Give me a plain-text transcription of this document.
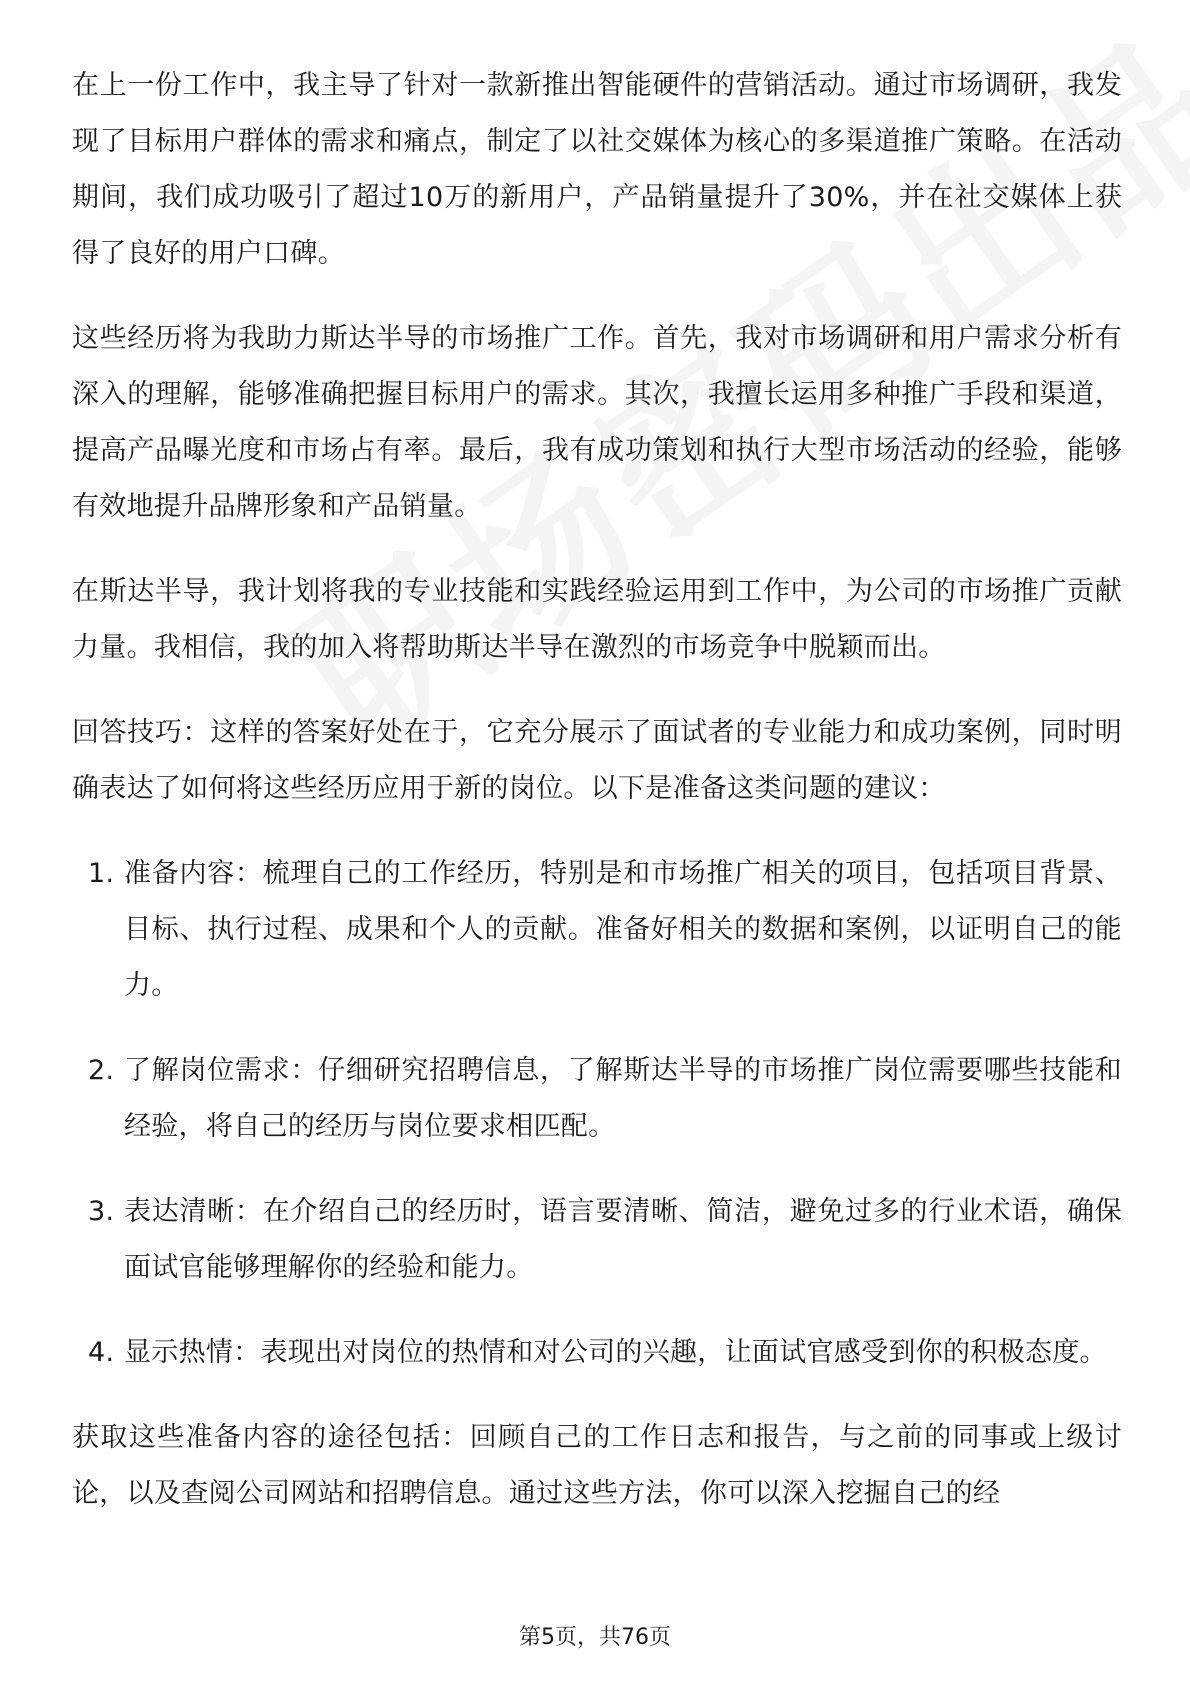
在上一份工作中，我主导了针对一款新推出智能硬件的营销活动。通过市场调研，我发现了目标用户群体的需求和痛点，制定了以社交媒体为核心的多渠道推广策略。在活动期间，我们成功吸引了超过10万的新用户，产品销量提升了30%，并在社交媒体上获得了良好的用户口碑。

这些经历将为我助力斯达半导的市场推广工作。首先，我对市场调研和用户需求分析有深入的理解，能够准确把握目标用户的需求。其次，我擅长运用多种推广手段和渠道，提高产品曝光度和市场占有率。最后，我有成功策划和执行大型市场活动的经验，能够有效地提升品牌形象和产品销量。

在斯达半导，我计划将我的专业技能和实践经验运用到工作中，为公司的市场推广贡献力量。我相信，我的加入将帮助斯达半导在激烈的市场竞争中脱颖而出。

回答技巧：这样的答案好处在于，它充分展示了面试者的专业能力和成功案例，同时明确表达了如何将这些经历应用于新的岗位。以下是准备这类问题的建议：

1. 准备内容：梳理自己的工作经历，特别是和市场推广相关的项目，包括项目背景、目标、执行过程、成果和个人的贡献。准备好相关的数据和案例，以证明自己的能力。
2. 了解岗位需求：仔细研究招聘信息，了解斯达半导的市场推广岗位需要哪些技能和经验，将自己的经历与岗位要求相匹配。
3. 表达清晰：在介绍自己的经历时，语言要清晰、简洁，避免过多的行业术语，确保面试官能够理解你的经验和能力。
4. 显示热情：表现出对岗位的热情和对公司的兴趣，让面试官感受到你的积极态度。

获取这些准备内容的途径包括：回顾自己的工作日志和报告，与之前的同事或上级讨论，以及查阅公司网站和招聘信息。通过这些方法，你可以深入挖掘自己的经

第5页，共76页
